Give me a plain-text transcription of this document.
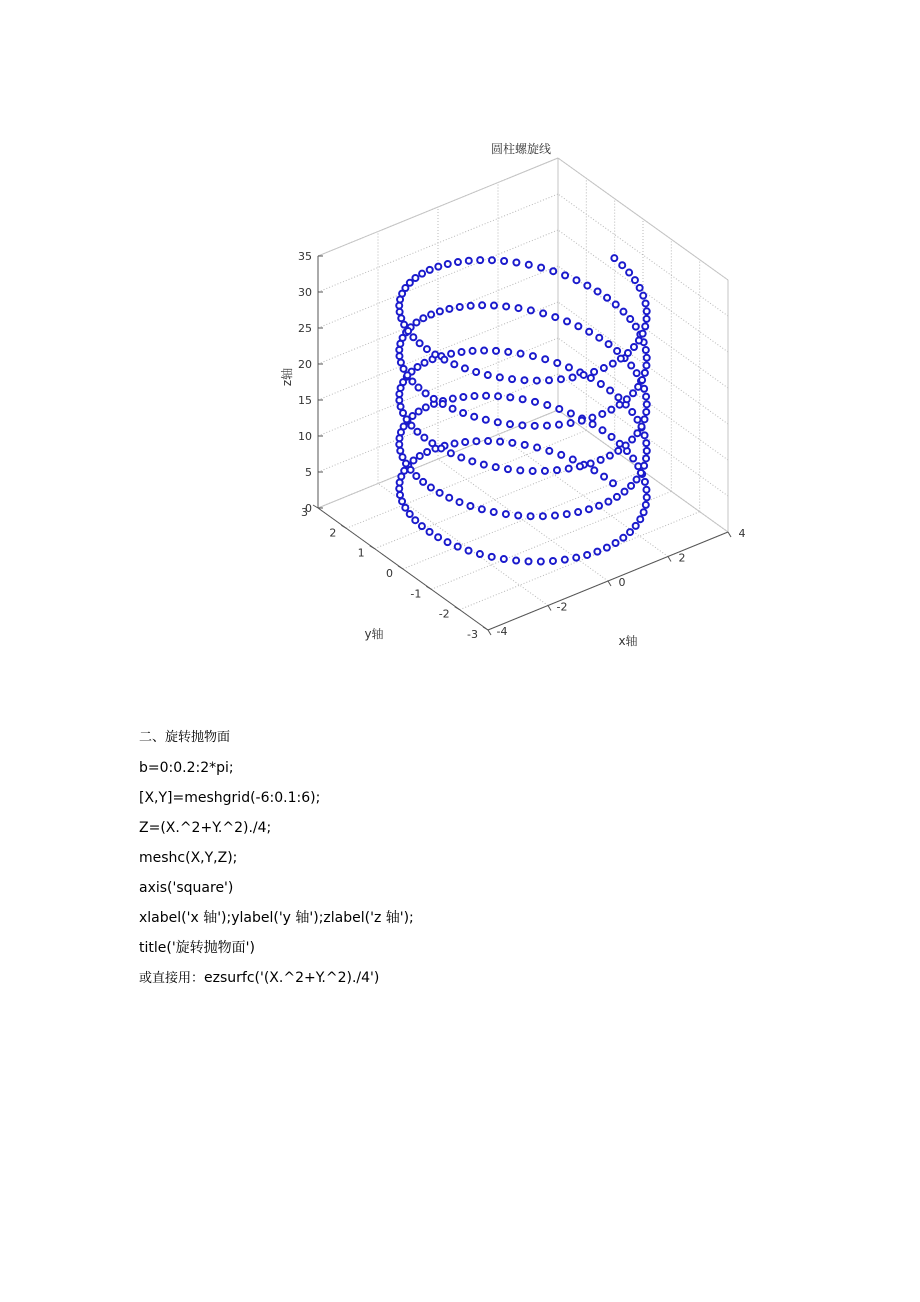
-4
-2
0
2
4
-3
-2
-1
0
1
2
3
0
5
10
15
20
25
30
35
圆柱螺旋线
x轴
y轴
z轴
二、旋转抛物面
b=0:0.2:2*pi;
[X,Y]=meshgrid(-6:0.1:6);
Z=(X.^2+Y.^2)./4;
meshc(X,Y,Z);
axis('square')
xlabel('x 轴');ylabel('y 轴');zlabel('z 轴');
title('旋转抛物面')
或直接用：ezsurfc('(X.^2+Y.^2)./4')
